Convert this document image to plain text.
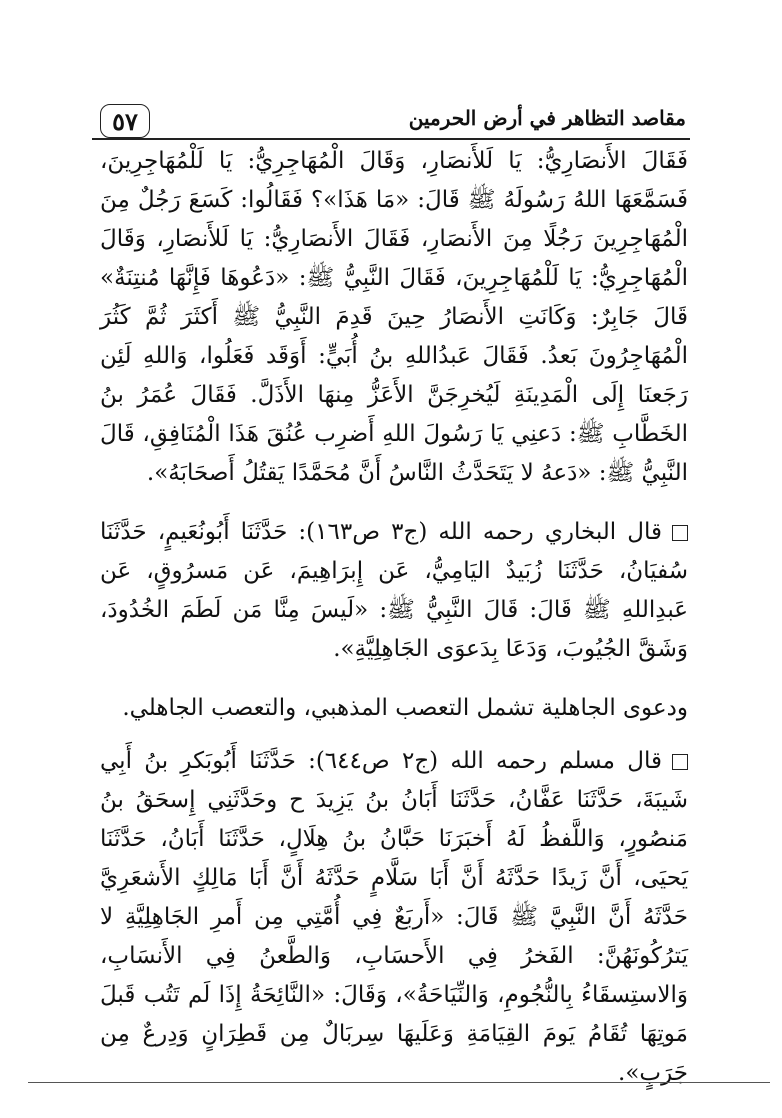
٥٧	مقاصد التظاهر في أرض الحرمين

فَقَالَ الأَنصَارِيُّ: يَا لَلأَنصَارِ، وَقَالَ الْمُهَاجِرِيُّ: يَا لَلْمُهَاجِرِينَ، فَسَمَّعَهَا اللهُ رَسُولَهُ ﷺ قَالَ: «مَا هَذَا»؟ فَقَالُوا: كَسَعَ رَجُلٌ مِنَ الْمُهَاجِرِينَ رَجُلًا مِنَ الأَنصَارِ، فَقَالَ الأَنصَارِيُّ: يَا لَلأَنصَارِ، وَقَالَ الْمُهَاجِرِيُّ: يَا لَلْمُهَاجِرِينَ، فَقَالَ النَّبِيُّ ﷺ: «دَعُوهَا فَإِنَّهَا مُنتِنَةٌ» قَالَ جَابِرٌ: وَكَانَتِ الأَنصَارُ حِينَ قَدِمَ النَّبِيُّ ﷺ أَكثَرَ ثُمَّ كَثُرَ الْمُهَاجِرُونَ بَعدُ. فَقَالَ عَبدُاللهِ بنُ أُبَيٍّ: أَوَقَد فَعَلُوا، وَاللهِ لَئِن رَجَعنَا إِلَى الْمَدِينَةِ لَيُخرِجَنَّ الأَعَزُّ مِنهَا الأَذَلَّ. فَقَالَ عُمَرُ بنُ الخَطَّابِ ﷺ: دَعنِي يَا رَسُولَ اللهِ أَضرِب عُنُقَ هَذَا الْمُنَافِقِ، قَالَ النَّبِيُّ ﷺ: «دَعهُ لا يَتَحَدَّثُ النَّاسُ أَنَّ مُحَمَّدًا يَقتُلُ أَصحَابَهُ».

قال البخاري رحمه الله (ج٣ ص١٦٣): حَدَّثَنَا أَبُونُعَيمٍ، حَدَّثَنَا سُفيَانُ، حَدَّثَنَا زُبَيدٌ اليَامِيُّ، عَن إِبرَاهِيمَ، عَن مَسرُوقٍ، عَن عَبدِاللهِ ﷺ قَالَ: قَالَ النَّبِيُّ ﷺ: «لَيسَ مِنَّا مَن لَطَمَ الخُدُودَ، وَشَقَّ الجُيُوبَ، وَدَعَا بِدَعوَى الجَاهِلِيَّةِ».

ودعوى الجاهلية تشمل التعصب المذهبي، والتعصب الجاهلي.

قال مسلم رحمه الله (ج٢ ص٦٤٤): حَدَّثَنَا أَبُوبَكرِ بنُ أَبِي شَيبَةَ، حَدَّثَنَا عَفَّانُ، حَدَّثَنَا أَبَانُ بنُ يَزِيدَ ح وحَدَّثَنِي إِسحَقُ بنُ مَنصُورٍ، وَاللَّفظُ لَهُ أَخبَرَنَا حَبَّانُ بنُ هِلَالٍ، حَدَّثَنَا أَبَانُ، حَدَّثَنَا يَحيَى، أَنَّ زَيدًا حَدَّثَهُ أَنَّ أَبَا سَلَّامٍ حَدَّثَهُ أَنَّ أَبَا مَالِكٍ الأَشعَرِيَّ حَدَّثَهُ أَنَّ النَّبِيَّ ﷺ قَالَ: «أَربَعٌ فِي أُمَّتِي مِن أَمرِ الجَاهِلِيَّةِ لا يَترُكُونَهُنَّ: الفَخرُ فِي الأَحسَابِ، وَالطَّعنُ فِي الأَنسَابِ، وَالاستِسقَاءُ بِالنُّجُومِ، وَالنِّيَاحَةُ»، وَقَالَ: «النَّائِحَةُ إِذَا لَم تَتُب قَبلَ مَوتِهَا تُقَامُ يَومَ القِيَامَةِ وَعَلَيهَا سِربَالٌ مِن قَطِرَانٍ وَدِرعٌ مِن جَرَبٍ».
